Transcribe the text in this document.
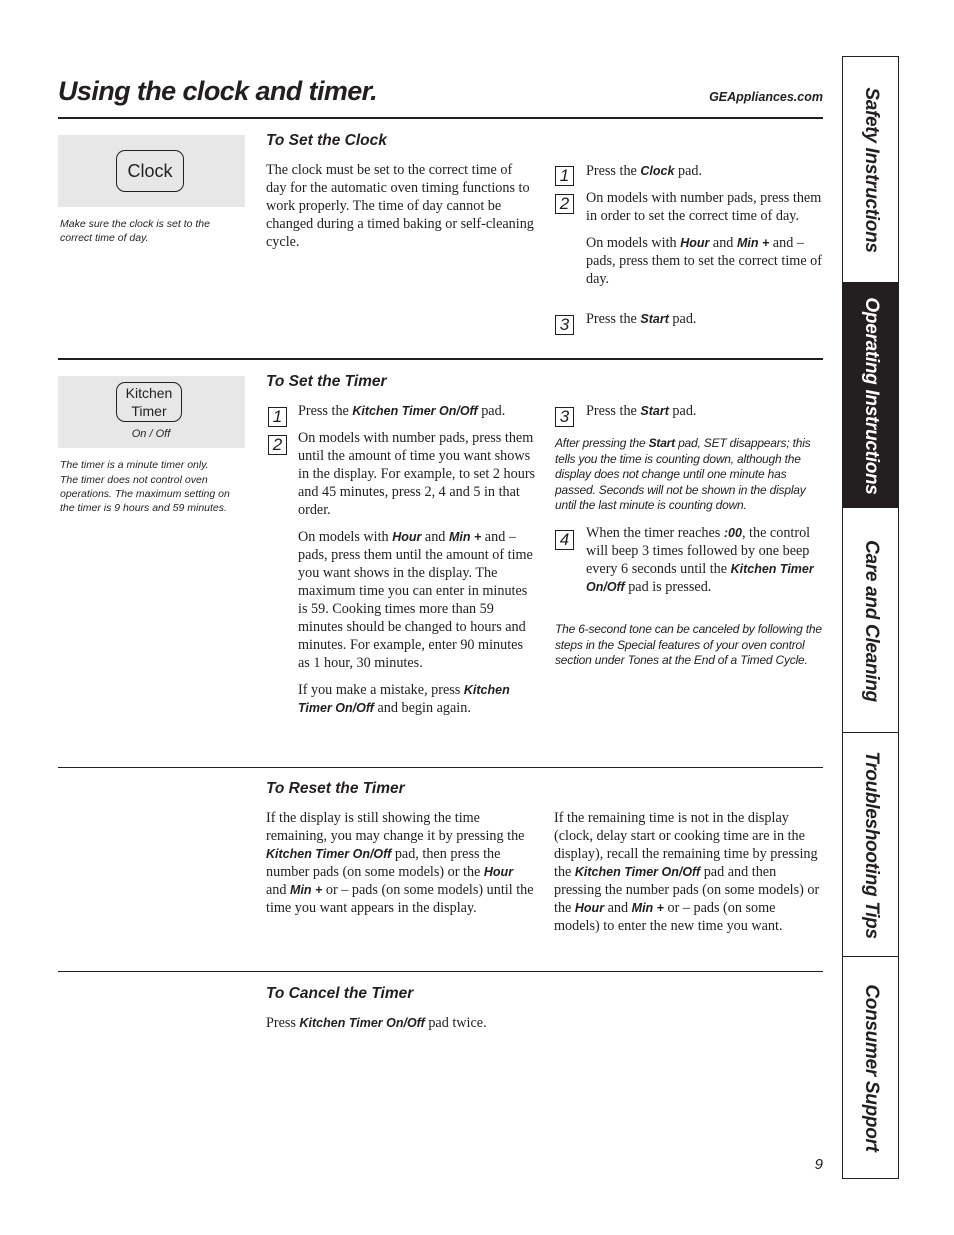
Using the clock and timer.	GEAppliances.com
Clock
Make sure the clock is set to the correct time of day.
To Set the Clock
The clock must be set to the correct time of day for the automatic oven timing functions to work properly. The time of day cannot be changed during a timed baking or self-cleaning cycle.
1	Press the Clock pad.
2	On models with number pads, press them in order to set the correct time of day.

On models with Hour and Min + and – pads, press them to set the correct time of day.

3	Press the Start pad.
Kitchen
Timer
On / Off

The timer is a minute timer only.

The timer does not control oven operations. The maximum setting on the timer is 9 hours and 59 minutes.

To Set the Timer
1	Press the Kitchen Timer On/Off pad.
2	On models with number pads, press them until the amount of time you want shows in the display. For example, to set 2 hours and 45 minutes, press 2, 4 and 5 in that order.

On models with Hour and Min + and – pads, press them until the amount of time you want shows in the display. The maximum time you can enter in minutes is 59. Cooking times more than 59 minutes should be changed to hours and minutes. For example, enter 90 minutes as 1 hour, 30 minutes.

If you make a mistake, press Kitchen Timer On/Off and begin again.

3	Press the Start pad.
After pressing the Start pad, SET disappears; this tells you the time is counting down, although the display does not change until one minute has passed. Seconds will not be shown in the display until the last minute is counting down.
4	When the timer reaches :00, the control will beep 3 times followed by one beep every 6 seconds until the Kitchen Timer On/Off pad is pressed.
The 6-second tone can be canceled by following the steps in the Special features of your oven control section under Tones at the End of a Timed Cycle.
To Reset the Timer
If the display is still showing the time remaining, you may change it by pressing the Kitchen Timer On/Off pad, then press the number pads (on some models) or the Hour and Min + or – pads (on some models) until the time you want appears in the display.
If the remaining time is not in the display (clock, delay start or cooking time are in the display), recall the remaining time by pressing the Kitchen Timer On/Off pad and then pressing the number pads (on some models) or the Hour and Min + or – pads (on some models) to enter the new time you want.
To Cancel the Timer
Press Kitchen Timer On/Off pad twice.
Safety Instructions
Operating Instructions
Care and Cleaning
Troubleshooting Tips
Consumer Support
9
